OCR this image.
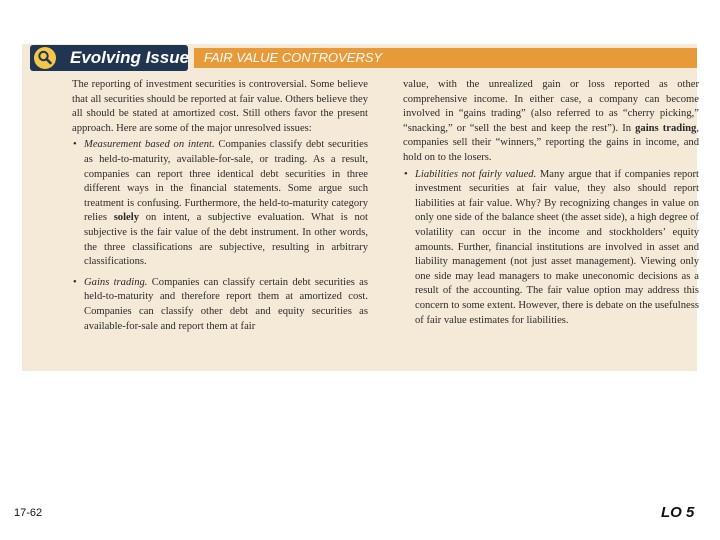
Evolving Issue FAIR VALUE CONTROVERSY

The reporting of investment securities is controversial. Some believe that all securities should be reported at fair value. Others believe they all should be stated at amortized cost. Still others favor the present approach. Here are some of the major unresolved issues:

• Measurement based on intent. Companies classify debt securities as held-to-maturity, available-for-sale, or trading. As a result, companies can report three identical debt securities in three different ways in the financial statements. Some argue such treatment is confusing. Furthermore, the held-to-maturity category relies solely on intent, a subjective evaluation. What is not subjective is the fair value of the debt instrument. In other words, the three classifications are subjective, resulting in arbitrary classifications.
• Gains trading. Companies can classify certain debt securities as held-to-maturity and therefore report them at amortized cost. Companies can classify other debt and equity securities as available-for-sale and report them at fair

value, with the unrealized gain or loss reported as other comprehensive income. In either case, a company can become involved in “gains trading” (also referred to as “cherry picking,” “snacking,” or “sell the best and keep the rest”). In gains trading, companies sell their “winners,” reporting the gains in income, and hold on to the losers.

• Liabilities not fairly valued. Many argue that if companies report investment securities at fair value, they also should report liabilities at fair value. Why? By recognizing changes in value on only one side of the balance sheet (the asset side), a high degree of volatility can occur in the income and stockholders’ equity amounts. Further, financial institutions are involved in asset and liability management (not just asset management). Viewing only one side may lead managers to make uneconomic decisions as a result of the accounting. The fair value option may address this concern to some extent. However, there is debate on the usefulness of fair value estimates for liabilities.
17-62	LO 5
